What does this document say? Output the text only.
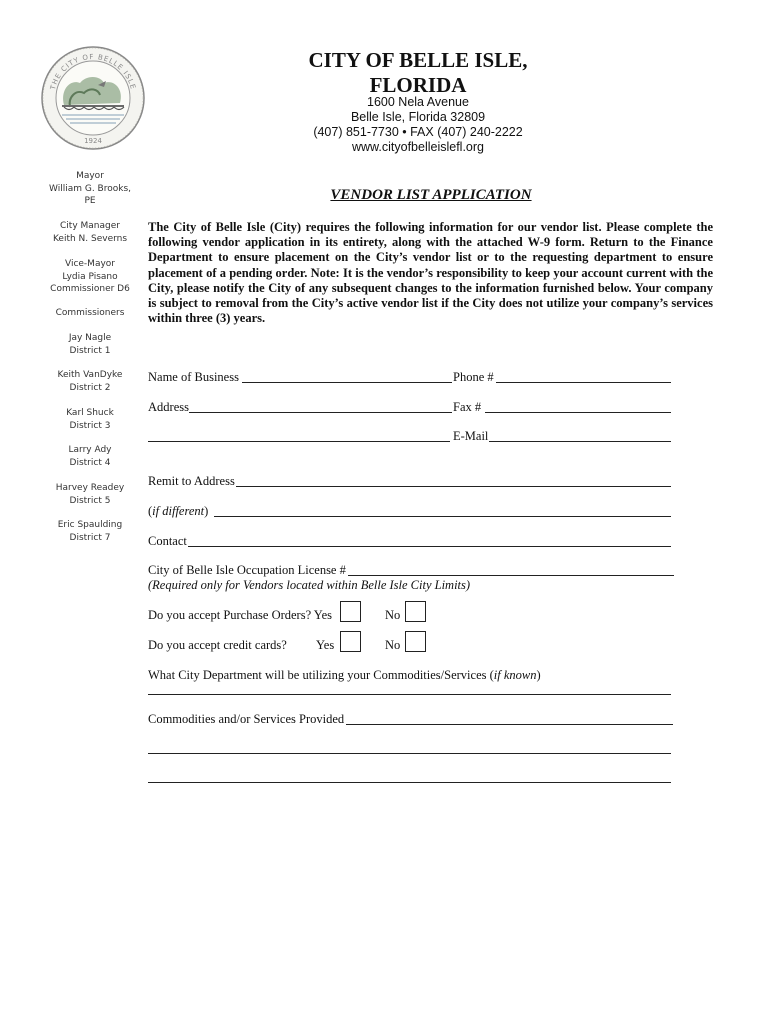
THE CITY OF BELLE ISLE
1924
CITY OF BELLE ISLE,
FLORIDA
1600 Nela Avenue
Belle Isle, Florida 32809
(407) 851-7730 • FAX (407) 240-2222
www.cityofbelleislefl.org
Mayor
William G. Brooks,
PE
City Manager
Keith N. Severns
Vice-Mayor
Lydia Pisano
Commissioner D6
Commissioners
Jay Nagle
District 1
Keith VanDyke
District 2
Karl Shuck
District 3
Larry Ady
District 4
Harvey Readey
District 5
Eric Spaulding
District 7
VENDOR LIST APPLICATION
The City of Belle Isle (City) requires the following information for our vendor list. Please complete the following vendor application in its entirety, along with the attached W-9 form. Return to the Finance Department to ensure placement on the City’s vendor list or to the requesting department to ensure placement of a pending order. Note: It is the vendor’s responsibility to keep your account current with the City, please notify the City of any subsequent changes to the information furnished below. Your company is subject to removal from the City’s active vendor list if the City does not utilize your company’s services within three (3) years.
Name of Business	Phone #
Address	Fax #
E-Mail
Remit to Address
(if different)
Contact
City of Belle Isle Occupation License #
(Required only for Vendors located within Belle Isle City Limits)
Do you accept Purchase Orders? Yes	No
Do you accept credit cards? Yes	No
What City Department will be utilizing your Commodities/Services (if known)
Commodities and/or Services Provided
